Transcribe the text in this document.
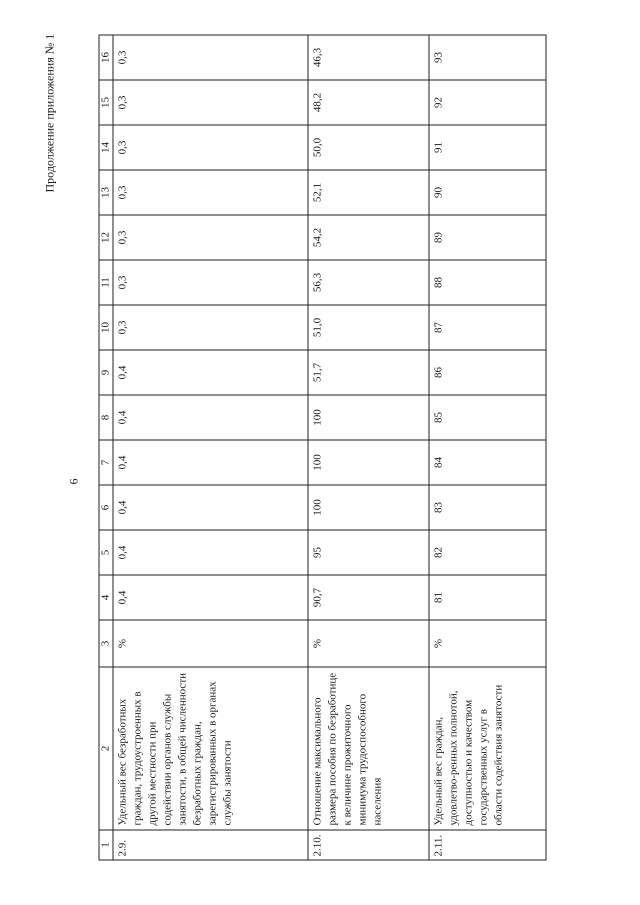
6
Продолжение приложения № 1
1	2	3	4	5	6	7	8	9	10	11	12	13	14	15	16
2.9.	Удельный вес безработных граждан, трудоустроенных в другой местности при содействии органов службы занятости, в общей численности безработных граждан, зарегистрированных в органах службы занятости	%	0,4	0,4	0,4	0,4	0,4	0,4	0,3	0,3	0,3	0,3	0,3	0,3	0,3
2.10.	Отношение максимального размера пособия по безработице к величине прожиточного минимума трудоспособного населения	%	90,7	95	100	100	100	51,7	51,0	56,3	54,2	52,1	50,0	48,2	46,3
2.11.	Удельный вес граждан, удовлетво-ренных полнотой, доступностью и качеством государственных услуг в области содействия занятости	%	81	82	83	84	85	86	87	88	89	90	91	92	93
